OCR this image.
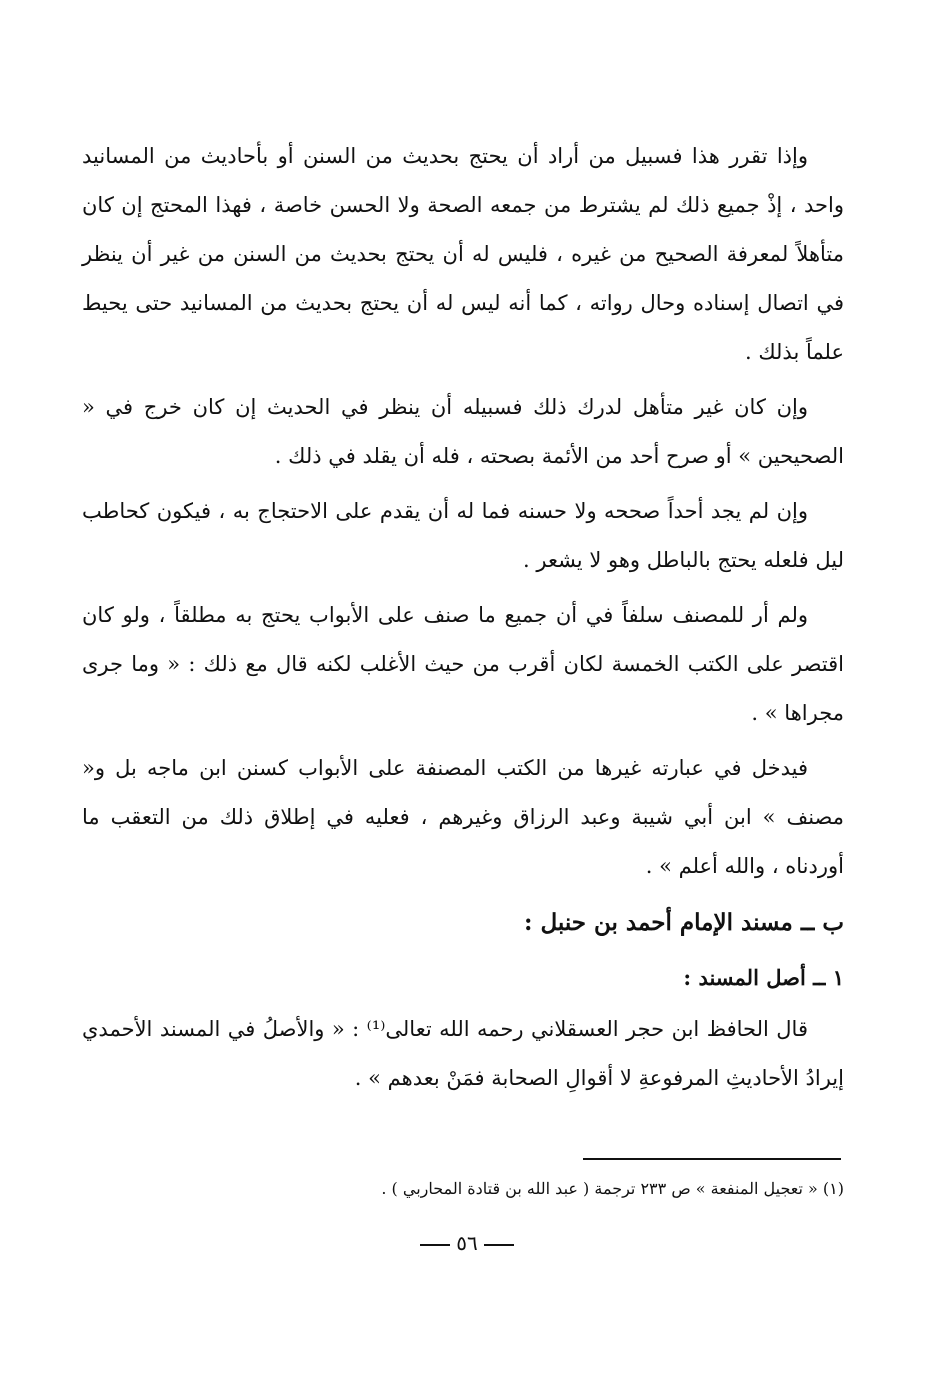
وإذا تقرر هذا فسبيل من أراد أن يحتج بحديث من السنن أو بأحاديث من المسانيد واحد ، إذْ جميع ذلك لم يشترط من جمعه الصحة ولا الحسن خاصة ، فهذا المحتج إن كان متأهلاً لمعرفة الصحيح من غيره ، فليس له أن يحتج بحديث من السنن من غير أن ينظر في اتصال إسناده وحال رواته ، كما أنه ليس له أن يحتج بحديث من المسانيد حتى يحيط علماً بذلك .

وإن كان غير متأهل لدرك ذلك فسبيله أن ينظر في الحديث إن كان خرج في « الصحيحين » أو صرح أحد من الأئمة بصحته ، فله أن يقلد في ذلك .

وإن لم يجد أحداً صححه ولا حسنه فما له أن يقدم على الاحتجاج به ، فيكون كحاطب ليل فلعله يحتج بالباطل وهو لا يشعر .

ولم أر للمصنف سلفاً في أن جميع ما صنف على الأبواب يحتج به مطلقاً ، ولو كان اقتصر على الكتب الخمسة لكان أقرب من حيث الأغلب لكنه قال مع ذلك : « وما جرى مجراها » .

فيدخل في عبارته غيرها من الكتب المصنفة على الأبواب كسنن ابن ماجه بل و« مصنف » ابن أبي شيبة وعبد الرزاق وغيرهم ، فعليه في إطلاق ذلك من التعقب ما أوردناه ، والله أعلم » .

ب ــ مسند الإمام أحمد بن حنبل :

١ ــ أصل المسند :

قال الحافظ ابن حجر العسقلاني رحمه الله تعالى⁽¹⁾ : « والأصلُ في المسند الأحمدي إيرادُ الأحاديثِ المرفوعةِ لا أقوالِ الصحابة فمَنْ بعدهم » .

(١) « تعجيل المنفعة » ص ٢٣٣ ترجمة ( عبد الله بن قتادة المحاربي ) .
٥٦
